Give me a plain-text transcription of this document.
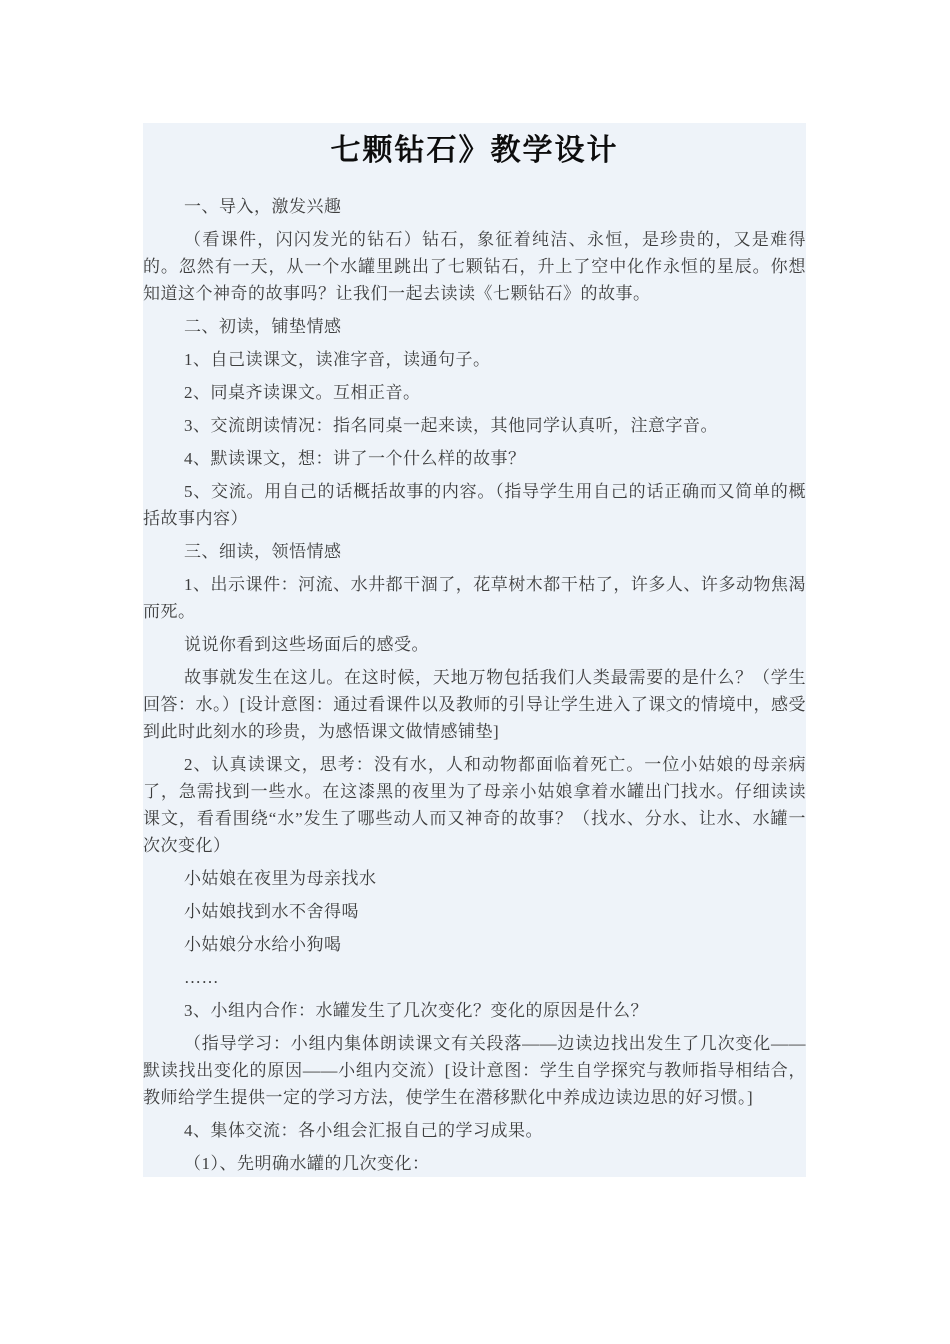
七颗钻石》教学设计

一、导入，激发兴趣

（看课件，闪闪发光的钻石）钻石，象征着纯洁、永恒，是珍贵的，又是难得的。忽然有一天，从一个水罐里跳出了七颗钻石，升上了空中化作永恒的星辰。你想知道这个神奇的故事吗？让我们一起去读读《七颗钻石》的故事。

二、初读，铺垫情感

1、自己读课文，读准字音，读通句子。

2、同桌齐读课文。互相正音。

3、交流朗读情况：指名同桌一起来读，其他同学认真听，注意字音。

4、默读课文，想：讲了一个什么样的故事？

5、交流。用自己的话概括故事的内容。（指导学生用自己的话正确而又简单的概括故事内容）

三、细读，领悟情感

1、出示课件：河流、水井都干涸了，花草树木都干枯了，许多人、许多动物焦渴而死。

说说你看到这些场面后的感受。

故事就发生在这儿。在这时候，天地万物包括我们人类最需要的是什么？（学生回答：水。）[设计意图：通过看课件以及教师的引导让学生进入了课文的情境中，感受到此时此刻水的珍贵，为感悟课文做情感铺垫]

2、认真读课文，思考：没有水，人和动物都面临着死亡。一位小姑娘的母亲病了，急需找到一些水。在这漆黑的夜里为了母亲小姑娘拿着水罐出门找水。仔细读读课文，看看围绕“水”发生了哪些动人而又神奇的故事？（找水、分水、让水、水罐一次次变化）

小姑娘在夜里为母亲找水

小姑娘找到水不舍得喝

小姑娘分水给小狗喝

……

3、小组内合作：水罐发生了几次变化？变化的原因是什么？

（指导学习：小组内集体朗读课文有关段落——边读边找出发生了几次变化——默读找出变化的原因——小组内交流）[设计意图：学生自学探究与教师指导相结合，教师给学生提供一定的学习方法，使学生在潜移默化中养成边读边思的好习惯。]

4、集体交流：各小组会汇报自己的学习成果。

（1）、先明确水罐的几次变化：
